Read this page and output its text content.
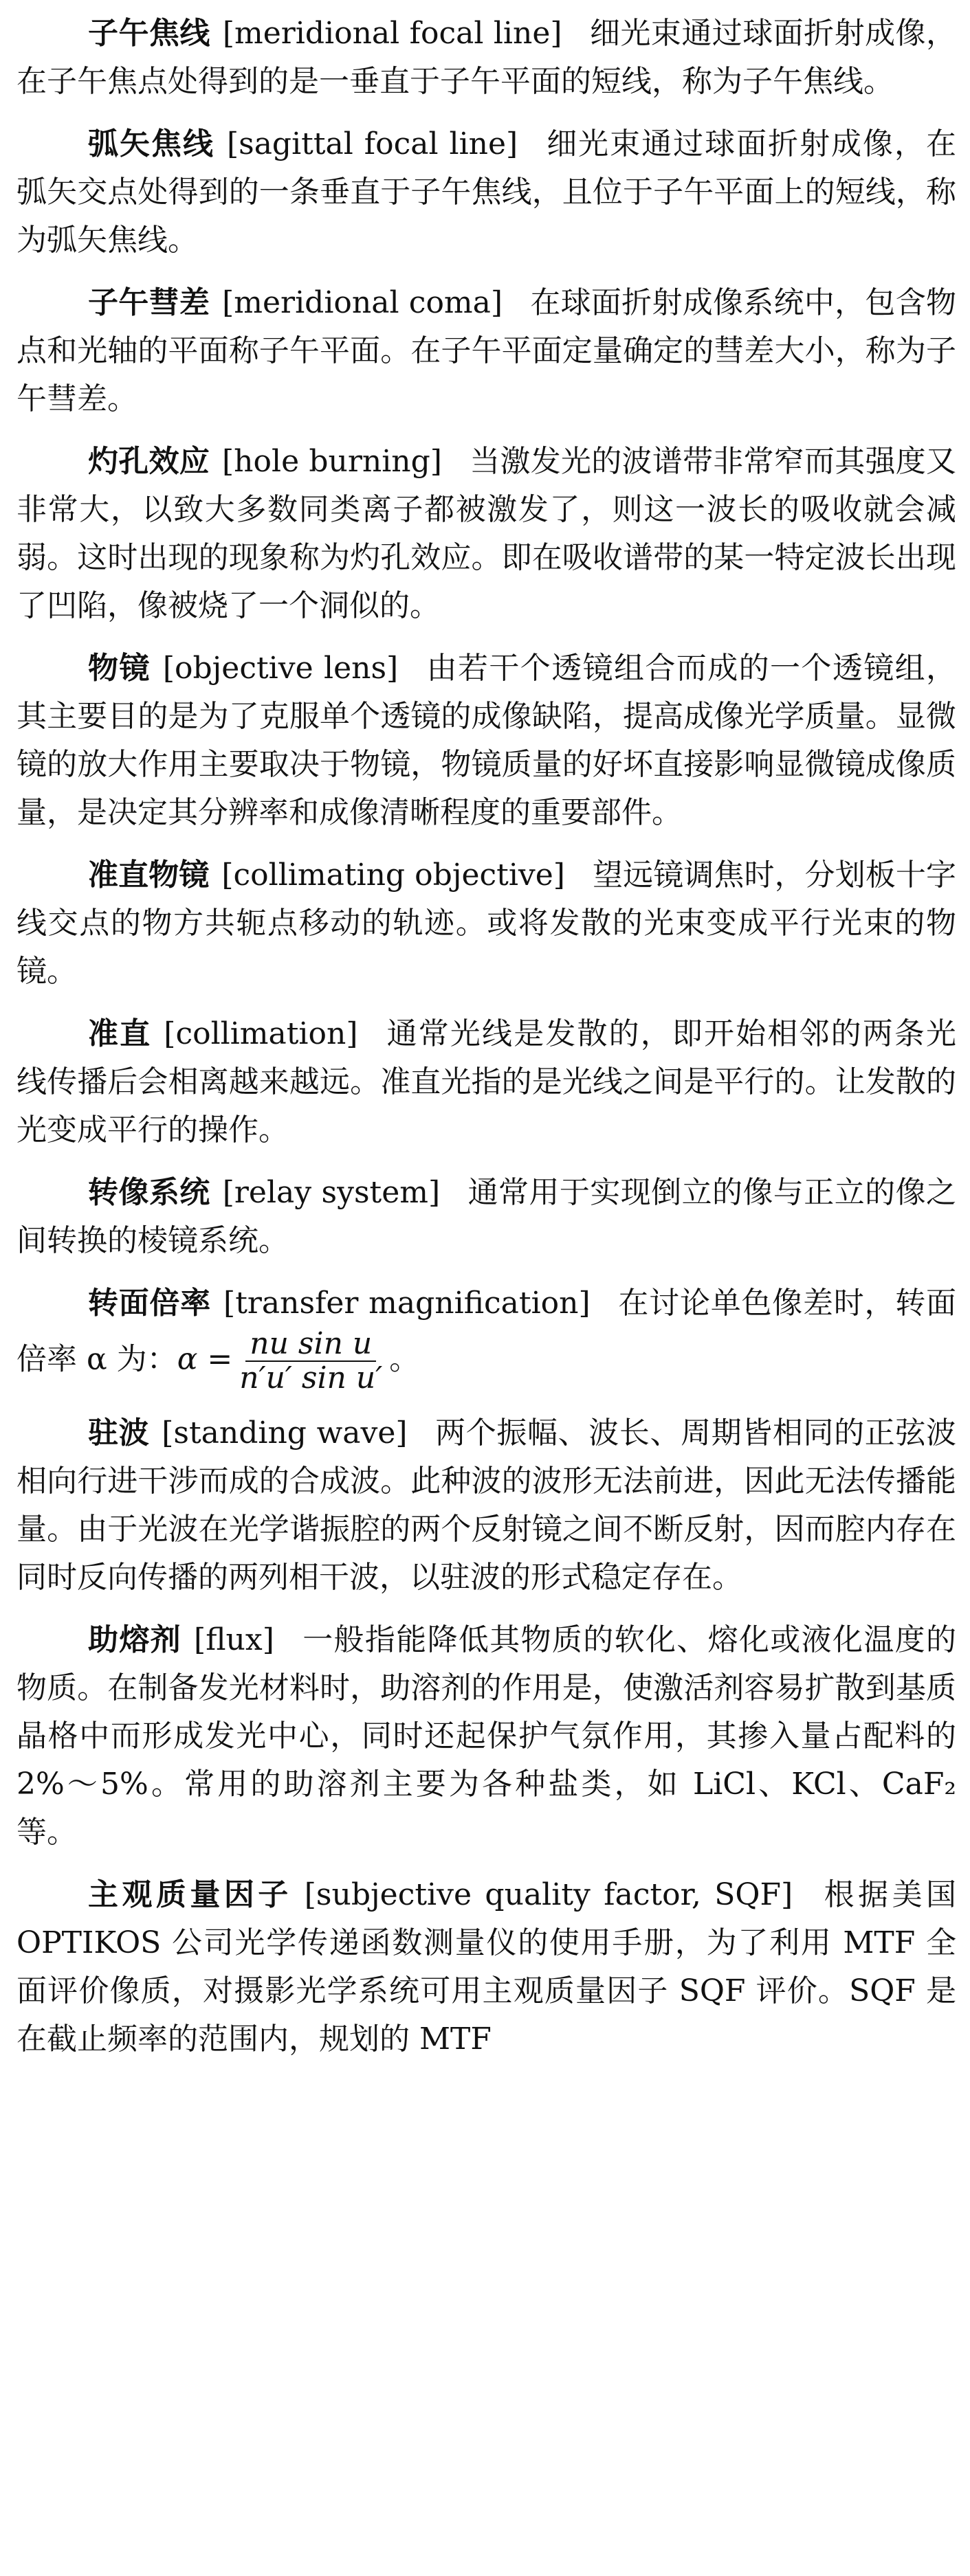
子午焦线 [meridional focal line] 细光束通过球面折射成像，在子午焦点处得到的是一垂直于子午平面的短线，称为子午焦线。

弧矢焦线 [sagittal focal line] 细光束通过球面折射成像，在弧矢交点处得到的一条垂直于子午焦线，且位于子午平面上的短线，称为弧矢焦线。

子午彗差 [meridional coma] 在球面折射成像系统中，包含物点和光轴的平面称子午平面。在子午平面定量确定的彗差大小，称为子午彗差。

灼孔效应 [hole burning] 当激发光的波谱带非常窄而其强度又非常大，以致大多数同类离子都被激发了，则这一波长的吸收就会减弱。这时出现的现象称为灼孔效应。即在吸收谱带的某一特定波长出现了凹陷，像被烧了一个洞似的。

物镜 [objective lens] 由若干个透镜组合而成的一个透镜组，其主要目的是为了克服单个透镜的成像缺陷，提高成像光学质量。显微镜的放大作用主要取决于物镜，物镜质量的好坏直接影响显微镜成像质量，是决定其分辨率和成像清晰程度的重要部件。

准直物镜 [collimating objective] 望远镜调焦时，分划板十字线交点的物方共轭点移动的轨迹。或将发散的光束变成平行光束的物镜。

准直 [collimation] 通常光线是发散的，即开始相邻的两条光线传播后会相离越来越远。准直光指的是光线之间是平行的。让发散的光变成平行的操作。

转像系统 [relay system] 通常用于实现倒立的像与正立的像之间转换的棱镜系统。

转面倍率 [transfer magnification] 在讨论单色像差时，转面倍率 α 为：$\alpha = \frac{\text{nu sin u}}{\text{n′u′ sin u′}}$ 。

驻波 [standing wave] 两个振幅、波长、周期皆相同的正弦波相向行进干涉而成的合成波。此种波的波形无法前进，因此无法传播能量。由于光波在光学谐振腔的两个反射镜之间不断反射，因而腔内存在同时反向传播的两列相干波，以驻波的形式稳定存在。

助熔剂 [flux] 一般指能降低其物质的软化、熔化或液化温度的物质。在制备发光材料时，助溶剂的作用是，使激活剂容易扩散到基质晶格中而形成发光中心，同时还起保护气氛作用，其掺入量占配料的 2%～5%。常用的助溶剂主要为各种盐类，如 LiCl、KCl、CaF₂ 等。

主观质量因子 [subjective quality factor, SQF] 根据美国 OPTIKOS 公司光学传递函数测量仪的使用手册，为了利用 MTF 全面评价像质，对摄影光学系统可用主观质量因子 SQF 评价。SQF 是在截止频率的范围内，规划的 MTF
